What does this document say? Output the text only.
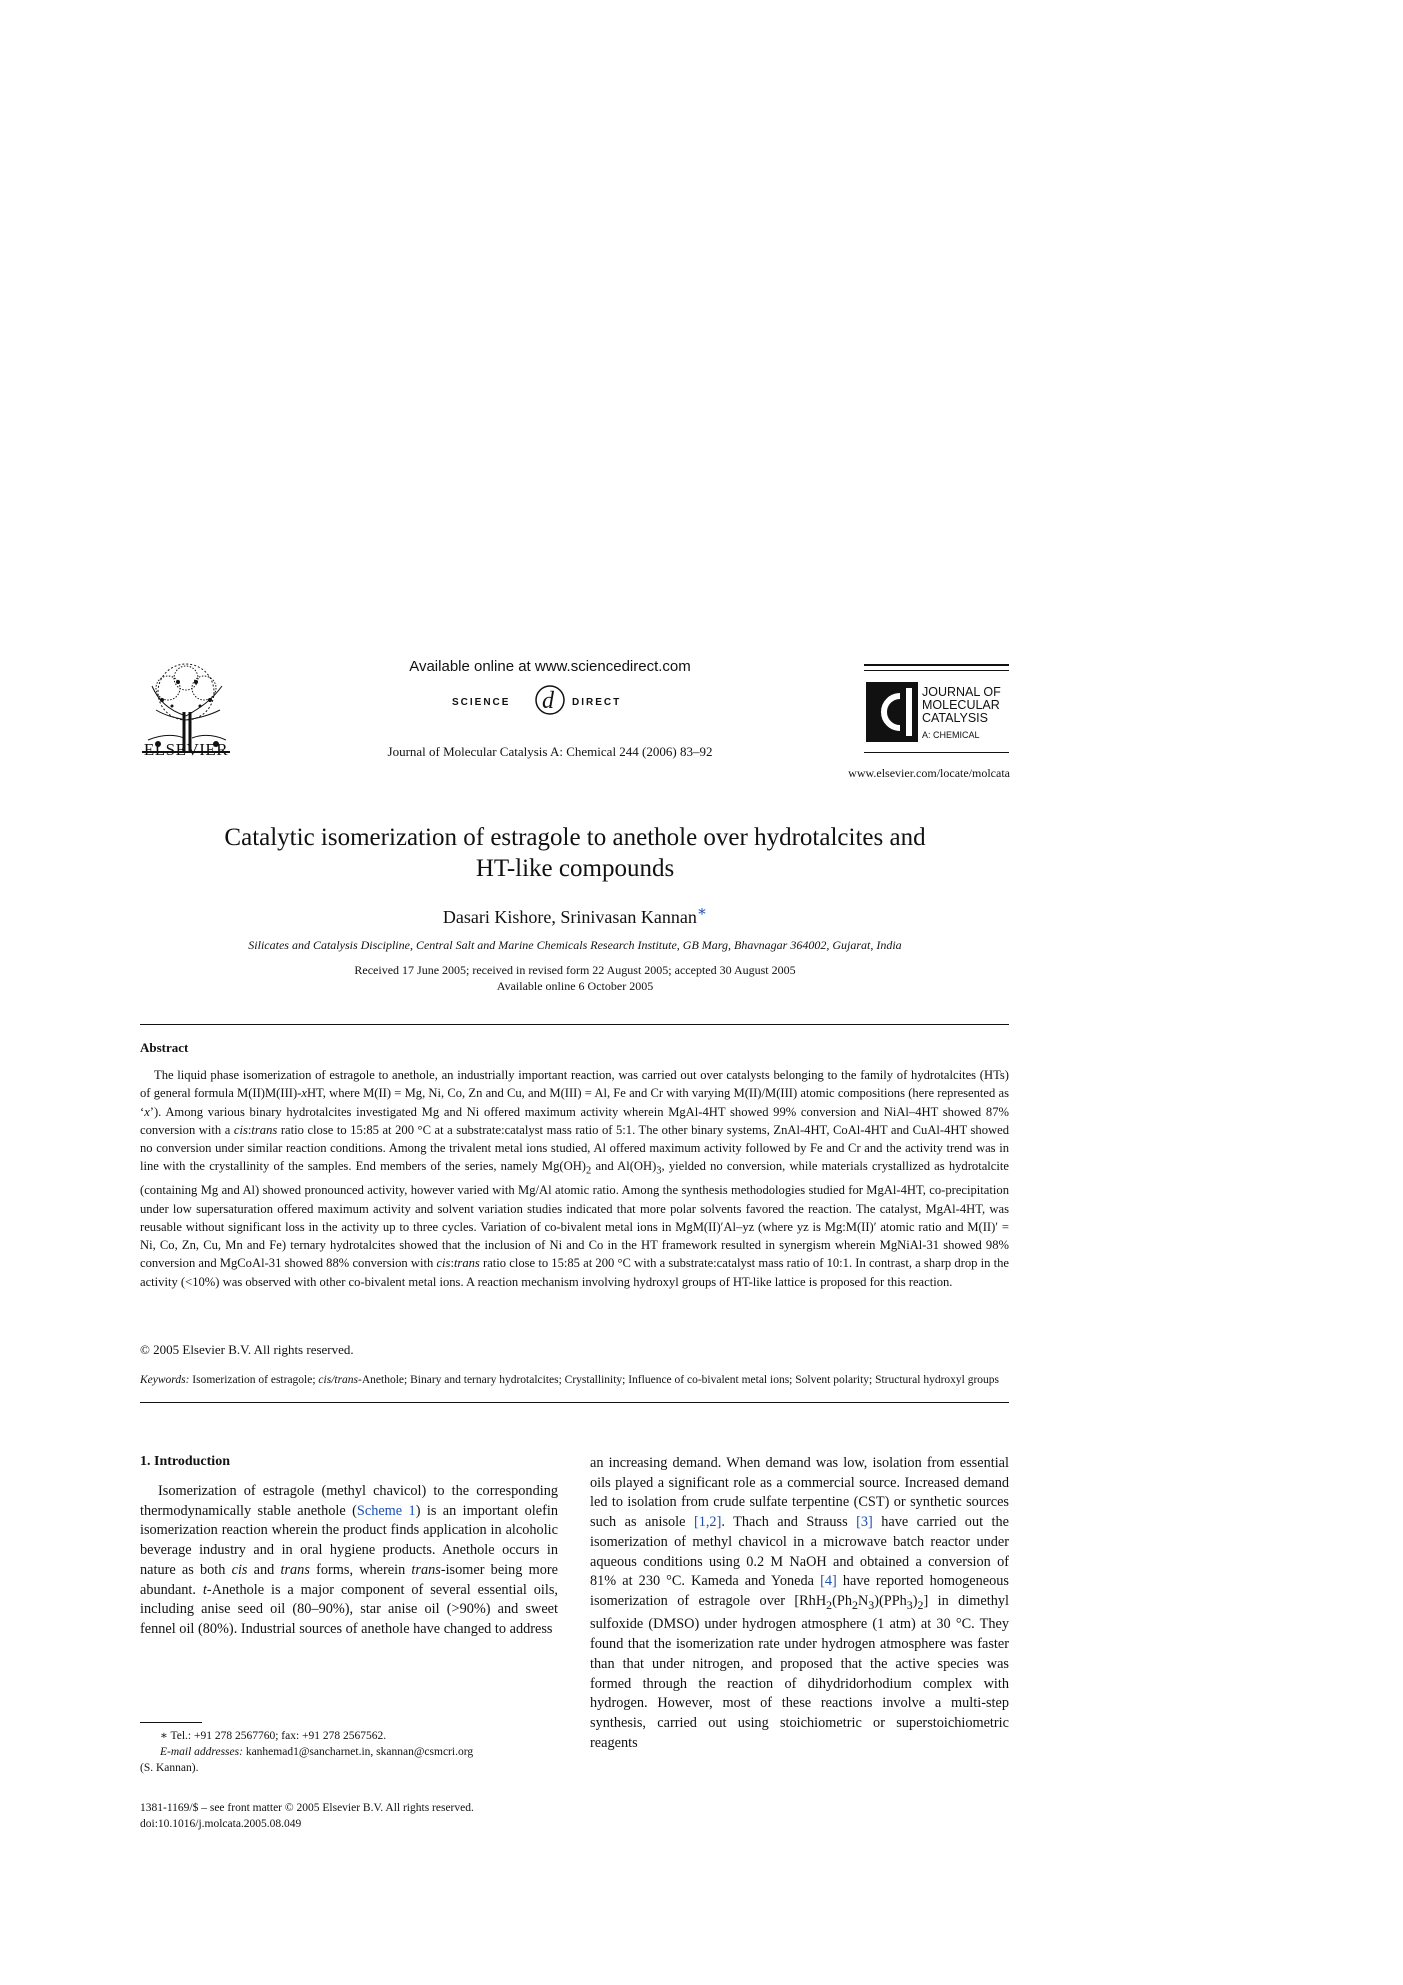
ELSEVIER
Available online at www.sciencedirect.com
SCIENCE d DIRECT
Journal of Molecular Catalysis A: Chemical 244 (2006) 83–92
JOURNAL OF
MOLECULAR
CATALYSIS
A: CHEMICAL
www.elsevier.com/locate/molcata
Catalytic isomerization of estragole to anethole over hydrotalcites and
HT-like compounds
Dasari Kishore, Srinivasan Kannan∗
Silicates and Catalysis Discipline, Central Salt and Marine Chemicals Research Institute, GB Marg, Bhavnagar 364002, Gujarat, India
Received 17 June 2005; received in revised form 22 August 2005; accepted 30 August 2005
Available online 6 October 2005
Abstract
The liquid phase isomerization of estragole to anethole, an industrially important reaction, was carried out over catalysts belonging to the family of hydrotalcites (HTs) of general formula M(II)M(III)-xHT, where M(II) = Mg, Ni, Co, Zn and Cu, and M(III) = Al, Fe and Cr with varying M(II)/M(III) atomic compositions (here represented as ‘x’). Among various binary hydrotalcites investigated Mg and Ni offered maximum activity wherein MgAl-4HT showed 99% conversion and NiAl–4HT showed 87% conversion with a cis:trans ratio close to 15:85 at 200 °C at a substrate:catalyst mass ratio of 5:1. The other binary systems, ZnAl-4HT, CoAl-4HT and CuAl-4HT showed no conversion under similar reaction conditions. Among the trivalent metal ions studied, Al offered maximum activity followed by Fe and Cr and the activity trend was in line with the crystallinity of the samples. End members of the series, namely $Mg(OH)_2$ and $Al(OH)_3$, yielded no conversion, while materials crystallized as hydrotalcite (containing Mg and Al) showed pronounced activity, however varied with Mg/Al atomic ratio. Among the synthesis methodologies studied for MgAl-4HT, co-precipitation under low supersaturation offered maximum activity and solvent variation studies indicated that more polar solvents favored the reaction. The catalyst, MgAl-4HT, was reusable without significant loss in the activity up to three cycles. Variation of co-bivalent metal ions in MgM(II)′Al–yz (where yz is Mg:M(II)′ atomic ratio and M(II)′ = Ni, Co, Zn, Cu, Mn and Fe) ternary hydrotalcites showed that the inclusion of Ni and Co in the HT framework resulted in synergism wherein MgNiAl-31 showed 98% conversion and MgCoAl-31 showed 88% conversion with cis:trans ratio close to 15:85 at 200 °C with a substrate:catalyst mass ratio of 10:1. In contrast, a sharp drop in the activity (<10%) was observed with other co-bivalent metal ions. A reaction mechanism involving hydroxyl groups of HT-like lattice is proposed for this reaction.
© 2005 Elsevier B.V. All rights reserved.
Keywords: Isomerization of estragole; cis/trans-Anethole; Binary and ternary hydrotalcites; Crystallinity; Influence of co-bivalent metal ions; Solvent polarity; Structural hydroxyl groups
1. Introduction

Isomerization of estragole (methyl chavicol) to the corresponding thermodynamically stable anethole (Scheme 1) is an important olefin isomerization reaction wherein the product finds application in alcoholic beverage industry and in oral hygiene products. Anethole occurs in nature as both cis and trans forms, wherein trans-isomer being more abundant. t-Anethole is a major component of several essential oils, including anise seed oil (80–90%), star anise oil (>90%) and sweet fennel oil (80%). Industrial sources of anethole have changed to address

an increasing demand. When demand was low, isolation from essential oils played a significant role as a commercial source. Increased demand led to isolation from crude sulfate terpentine (CST) or synthetic sources such as anisole [1,2]. Thach and Strauss [3] have carried out the isomerization of methyl chavicol in a microwave batch reactor under aqueous conditions using 0.2 M NaOH and obtained a conversion of 81% at 230 °C. Kameda and Yoneda [4] have reported homogeneous isomerization of estragole over $[RhH_2(Ph_2N_3)(PPh_3)_2]$ in dimethyl sulfoxide (DMSO) under hydrogen atmosphere (1 atm) at 30 °C. They found that the isomerization rate under hydrogen atmosphere was faster than that under nitrogen, and proposed that the active species was formed through the reaction of dihydridorhodium complex with hydrogen. However, most of these reactions involve a multi-step synthesis, carried out using stoichiometric or superstoichiometric reagents

∗ Tel.: +91 278 2567760; fax: +91 278 2567562.
E-mail addresses: kanhemad1@sancharnet.in, skannan@csmcri.org
(S. Kannan).
1381-1169/$ – see front matter © 2005 Elsevier B.V. All rights reserved.
doi:10.1016/j.molcata.2005.08.049
